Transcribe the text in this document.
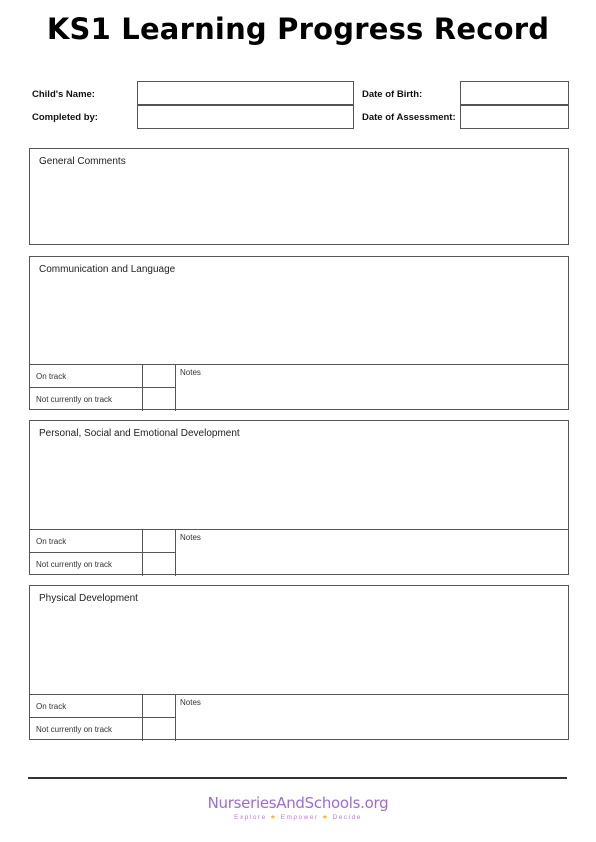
KS1 Learning Progress Record
Child's Name:
Completed by:
Date of Birth:
Date of Assessment:
General Comments
Communication and Language
On track
Not currently on track
Notes
Personal, Social and Emotional Development
On track
Not currently on track
Notes
Physical Development
On track
Not currently on track
Notes
NurseriesAndSchools.org
Explore ★ Empower ★ Decide
